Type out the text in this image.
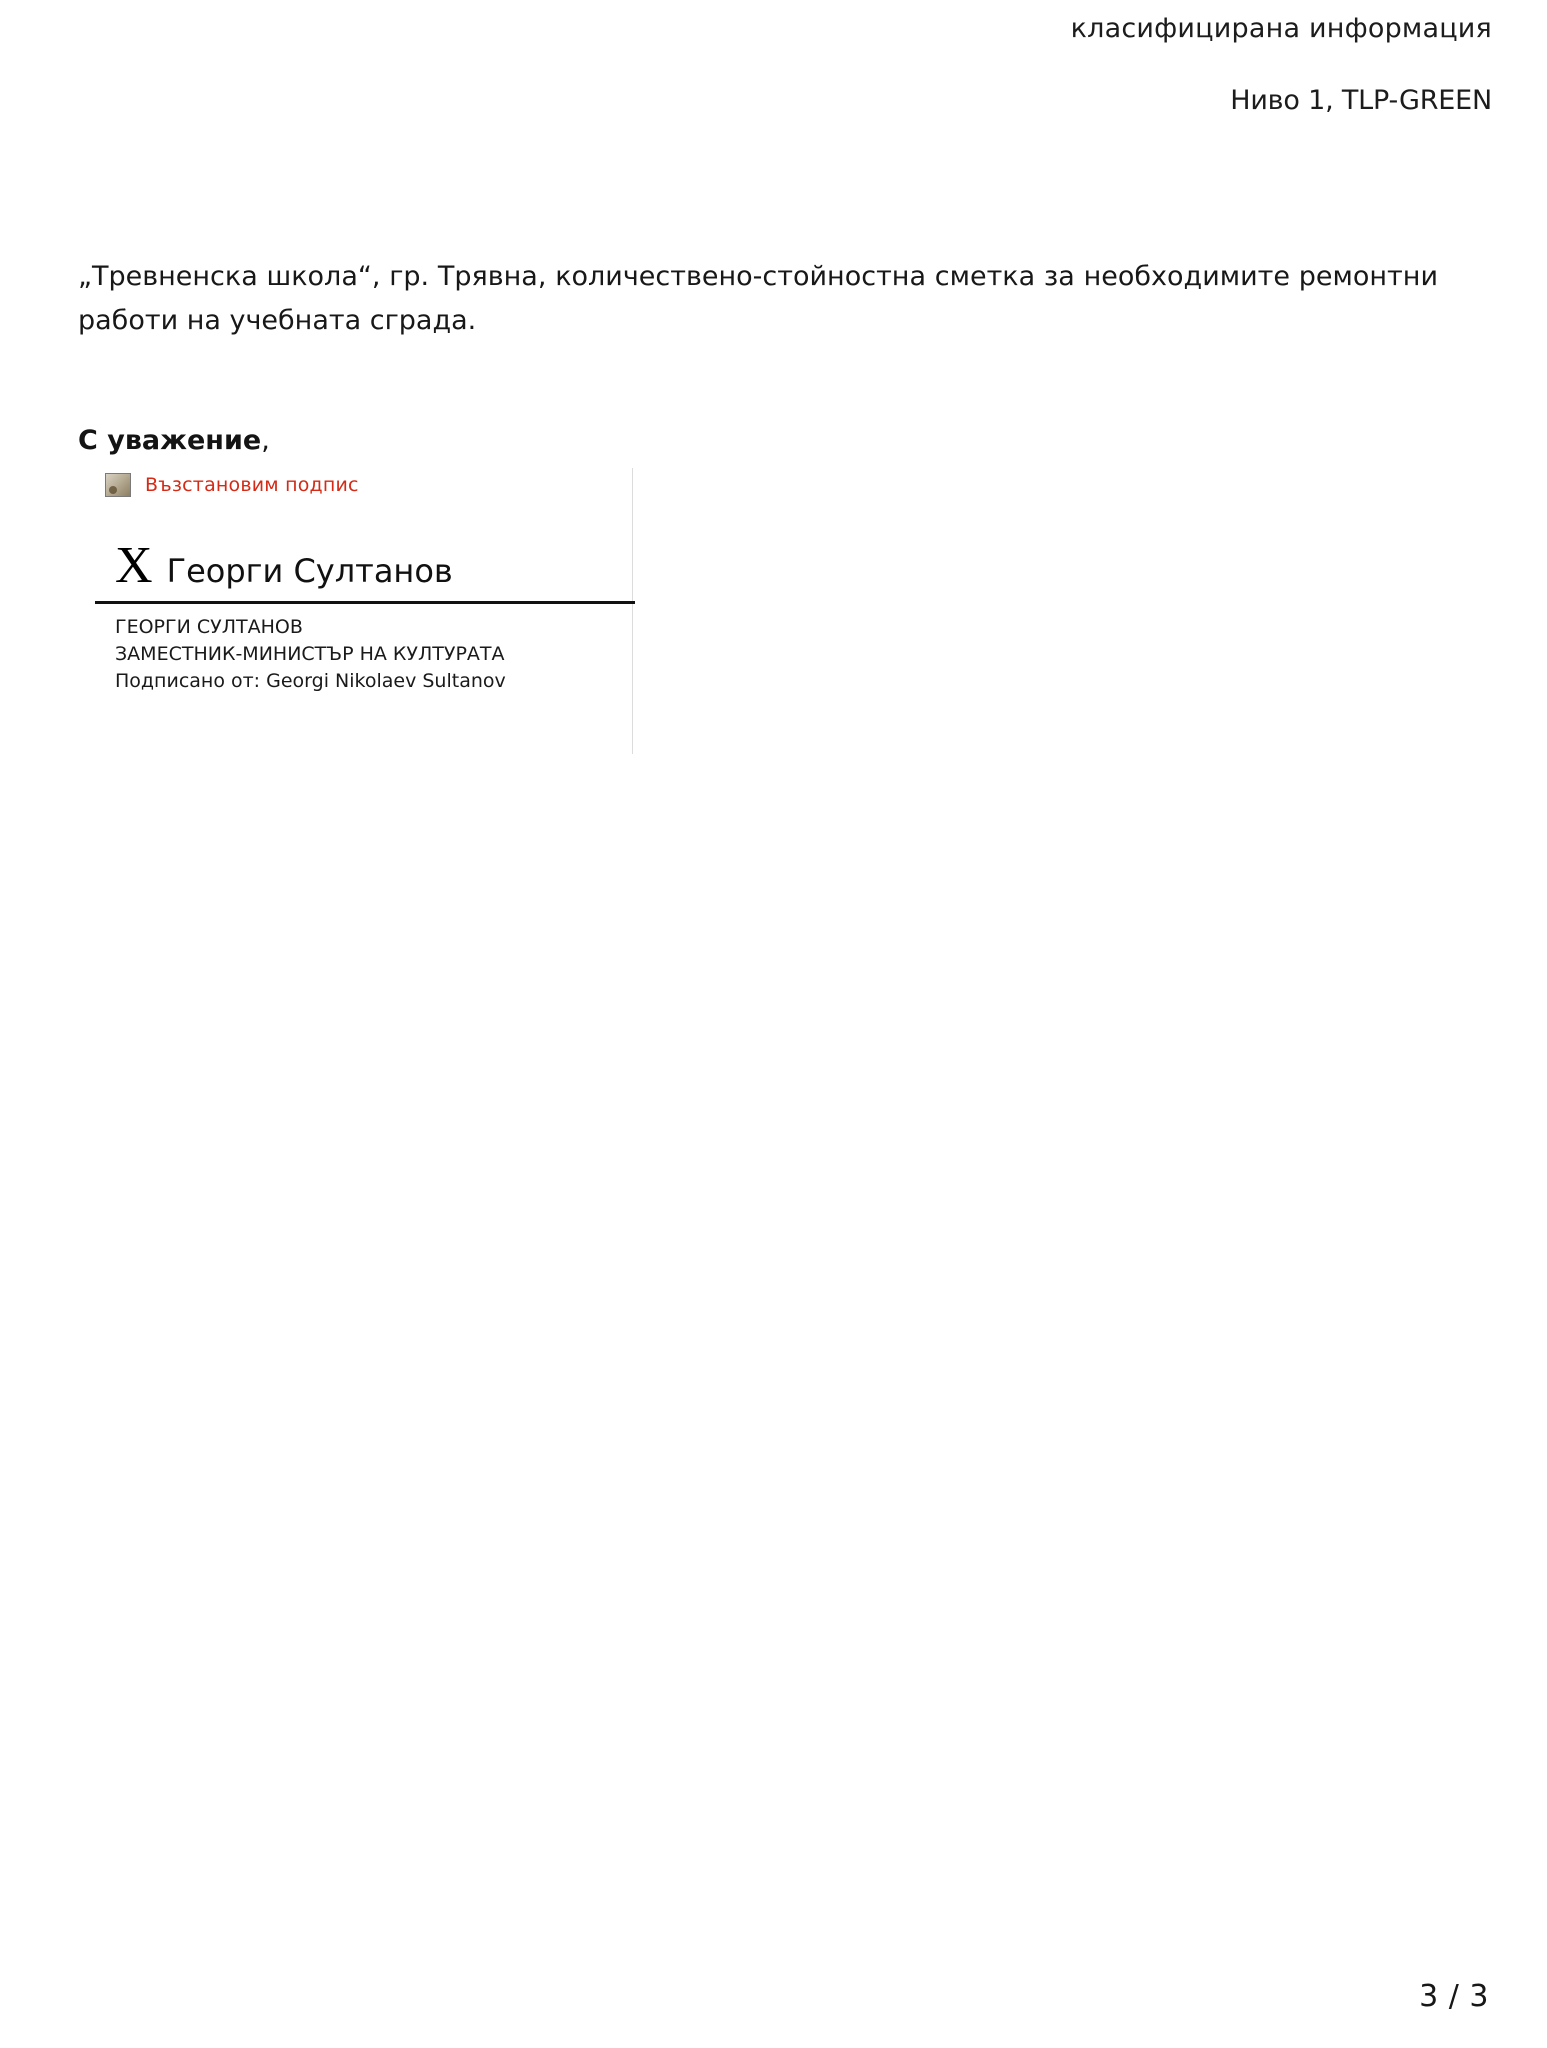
класифицирана информация
Ниво 1, TLP-GREEN

„Тревненска школа“, гр. Трявна, количествено-стойностна сметка за необходимите ремонтни работи на учебната сграда.

С уважение,
Възстановим подпис
X Георги Султанов
ГЕОРГИ СУЛТАНОВ
ЗАМЕСТНИК-МИНИСТЪР НА КУЛТУРАТА
Подписано от: Georgi Nikolaev Sultanov
3 / 3
